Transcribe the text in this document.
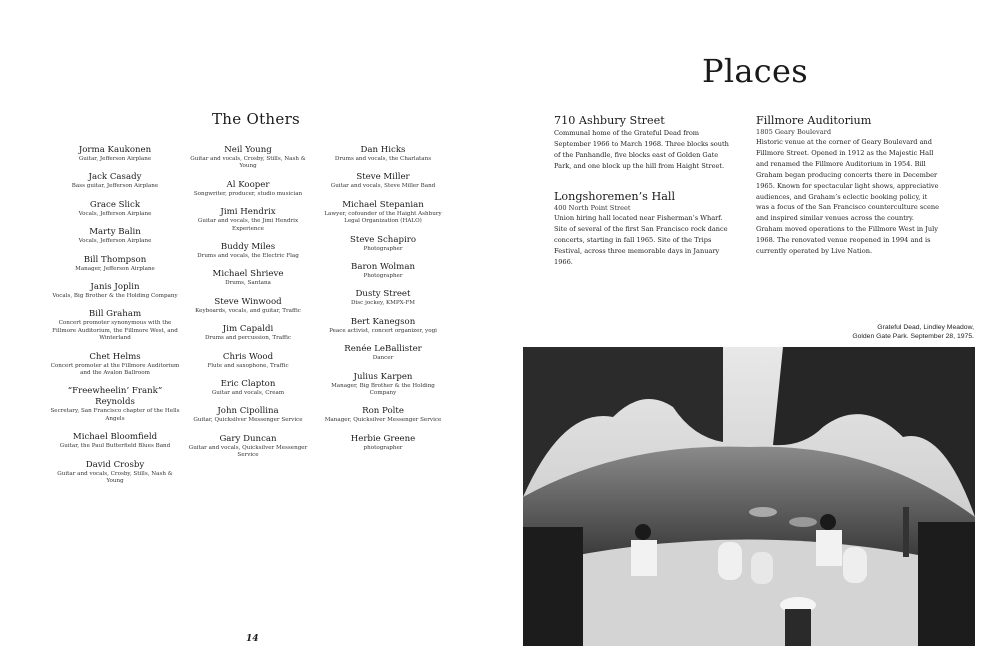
The Others
Jorma Kaukonen
Guitar, Jefferson Airplane
Jack Casady
Bass guitar, Jefferson Airplane
Grace Slick
Vocals, Jefferson Airplane
Marty Balin
Vocals, Jefferson Airplane
Bill Thompson
Manager, Jefferson Airplane
Janis Joplin
Vocals, Big Brother & the Holding Company
Bill Graham
Concert promoter synonymous with the Fillmore Auditorium, the Fillmore West, and Winterland
Chet Helms
Concert promoter at the Fillmore Auditorium and the Avalon Ballroom
“Freewheelin’ Frank” Reynolds
Secretary, San Francisco chapter of the Hells Angels
Michael Bloomfield
Guitar, the Paul Butterfield Blues Band
David Crosby
Guitar and vocals, Crosby, Stills, Nash & Young
Neil Young
Guitar and vocals, Crosby, Stills, Nash & Young
Al Kooper
Songwriter, producer, studio musician
Jimi Hendrix
Guitar and vocals, the Jimi Hendrix Experience
Buddy Miles
Drums and vocals, the Electric Flag
Michael Shrieve
Drums, Santana
Steve Winwood
Keyboards, vocals, and guitar, Traffic
Jim Capaldi
Drums and percussion, Traffic
Chris Wood
Flute and saxophone, Traffic
Eric Clapton
Guitar and vocals, Cream
John Cipollina
Guitar, Quicksilver Messenger Service
Gary Duncan
Guitar and vocals, Quicksilver Messenger Service
Dan Hicks
Drums and vocals, the Charlatans
Steve Miller
Guitar and vocals, Steve Miller Band
Michael Stepanian
Lawyer, cofounder of the Haight Ashbury Legal Organization (HALO)
Steve Schapiro
Photographer
Baron Wolman
Photographer
Dusty Street
Disc jockey, KMPX-FM
Bert Kanegson
Peace activist, concert organizer, yogi
Renée LeBallister
Dancer
Julius Karpen
Manager, Big Brother & the Holding Company
Ron Polte
Manager, Quicksilver Messenger Service
Herbie Greene
photographer
14
Places
710 Ashbury Street
Communal home of the Grateful Dead from September 1966 to March 1968. Three blocks south of the Panhandle, five blocks east of Golden Gate Park, and one block up the hill from Haight Street.
Longshoremen’s Hall
400 North Point Street
Union hiring hall located near Fisherman’s Wharf. Site of several of the first San Francisco rock dance concerts, starting in fall 1965. Site of the Trips Festival, across three memorable days in January 1966.
Fillmore Auditorium
1805 Geary Boulevard
Historic venue at the corner of Geary Boulevard and Fillmore Street. Opened in 1912 as the Majestic Hall and renamed the Fillmore Auditorium in 1954. Bill Graham began producing concerts there in December 1965. Known for spectacular light shows, appreciative audiences, and Graham’s eclectic booking policy, it was a focus of the San Francisco counterculture scene and inspired similar venues across the country. Graham moved operations to the Fillmore West in July 1968. The renovated venue reopened in 1994 and is currently operated by Live Nation.
Grateful Dead, Lindley Meadow,
Golden Gate Park. September 28, 1975.
